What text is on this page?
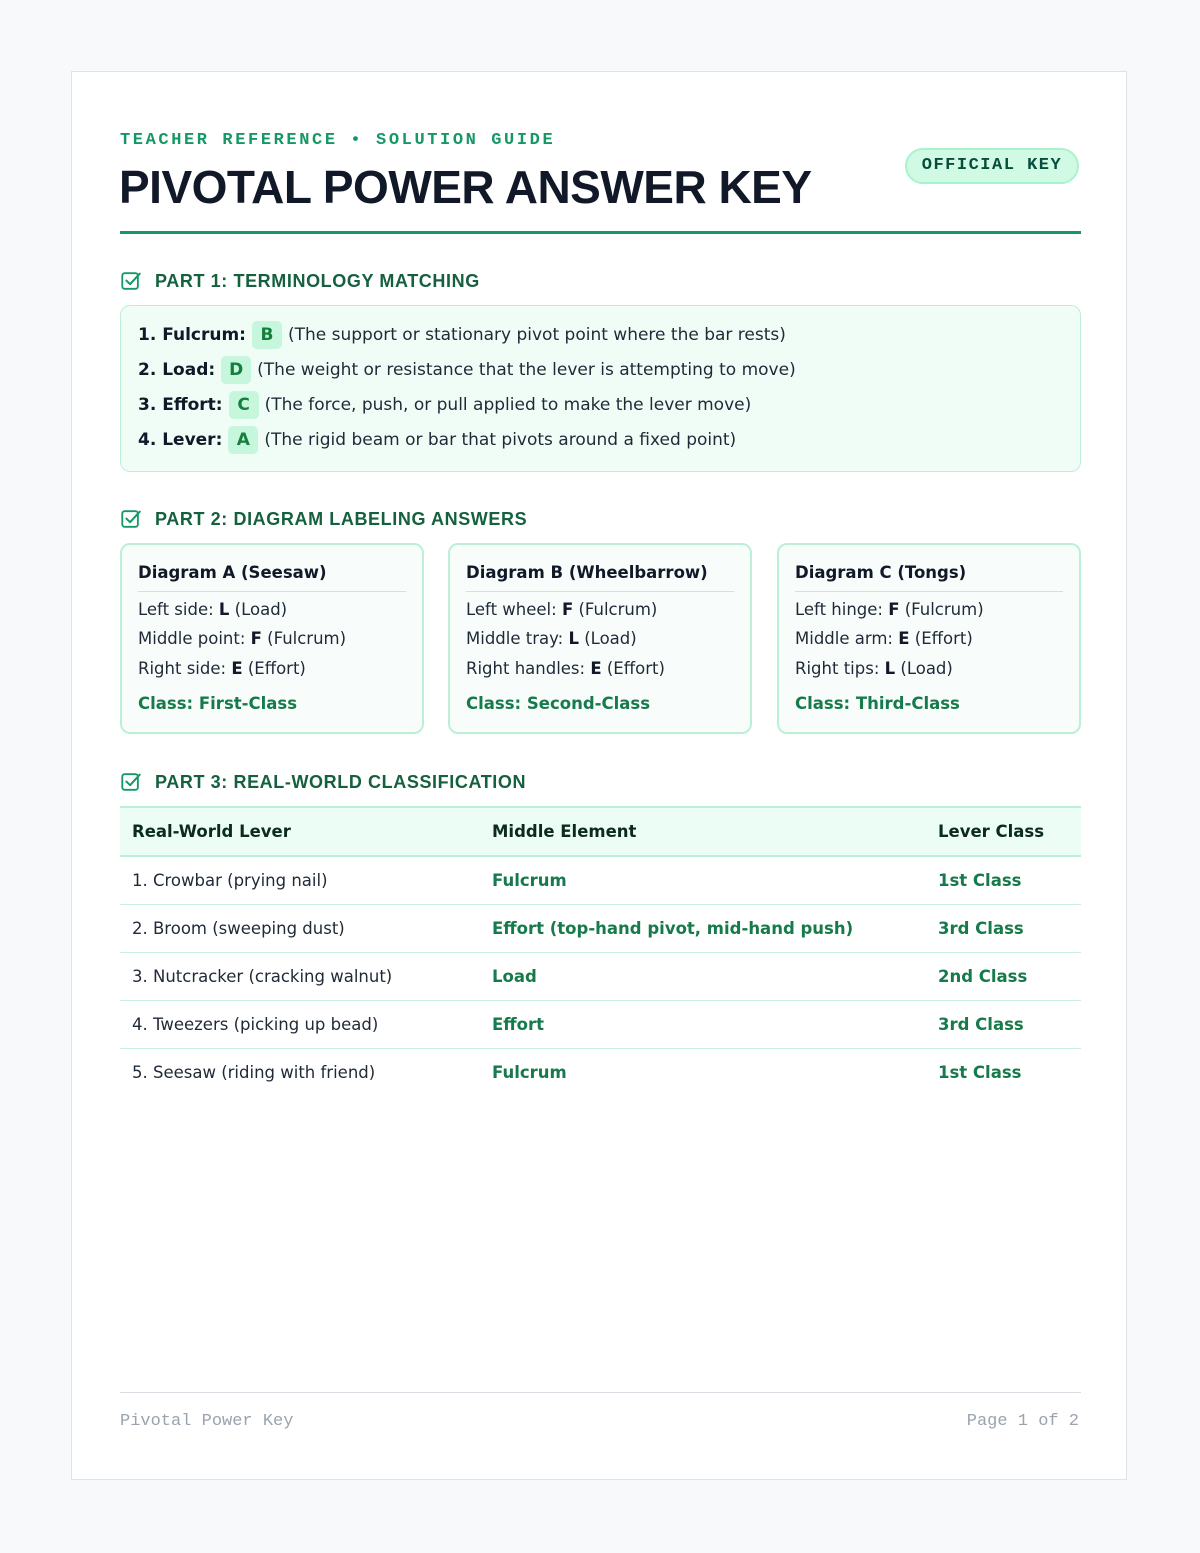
TEACHER REFERENCE • SOLUTION GUIDE
PIVOTAL POWER ANSWER KEY	OFFICIAL KEY
PART 1: TERMINOLOGY MATCHING
1. Fulcrum: B (The support or stationary pivot point where the bar rests)
2. Load: D (The weight or resistance that the lever is attempting to move)
3. Effort: C (The force, push, or pull applied to make the lever move)
4. Lever: A (The rigid beam or bar that pivots around a fixed point)
PART 2: DIAGRAM LABELING ANSWERS
Diagram A (Seesaw)
Left side: L (Load)
Middle point: F (Fulcrum)
Right side: E (Effort)
Class: First-Class
Diagram B (Wheelbarrow)
Left wheel: F (Fulcrum)
Middle tray: L (Load)
Right handles: E (Effort)
Class: Second-Class
Diagram C (Tongs)
Left hinge: F (Fulcrum)
Middle arm: E (Effort)
Right tips: L (Load)
Class: Third-Class
PART 3: REAL-WORLD CLASSIFICATION
Real-World Lever	Middle Element	Lever Class
1. Crowbar (prying nail)	Fulcrum	1st Class
2. Broom (sweeping dust)	Effort (top-hand pivot, mid-hand push)	3rd Class
3. Nutcracker (cracking walnut)	Load	2nd Class
4. Tweezers (picking up bead)	Effort	3rd Class
5. Seesaw (riding with friend)	Fulcrum	1st Class
Pivotal Power Key	Page 1 of 2
